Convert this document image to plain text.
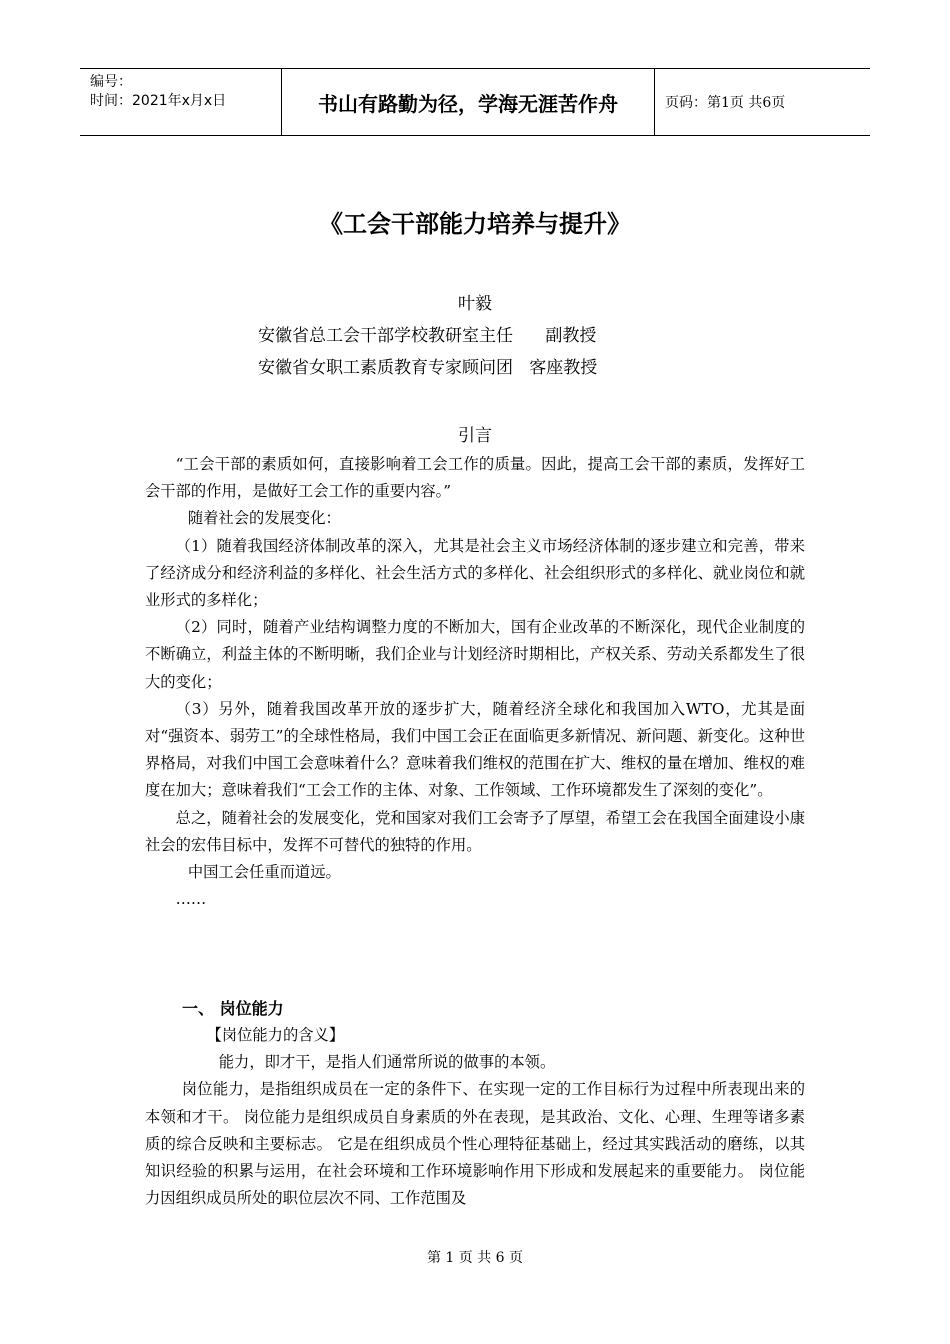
编号：
时间：2021年x月x日	书山有路勤为径，学海无涯苦作舟	页码：第1页 共6页
《工会干部能力培养与提升》
叶毅
安徽省总工会干部学校教研室主任      副教授
安徽省女职工素质教育专家顾问团   客座教授
引言

“工会干部的素质如何，直接影响着工会工作的质量。因此，提高工会干部的素质，发挥好工会干部的作用，是做好工会工作的重要内容。”

随着社会的发展变化：

（1）随着我国经济体制改革的深入，尤其是社会主义市场经济体制的逐步建立和完善，带来了经济成分和经济利益的多样化、社会生活方式的多样化、社会组织形式的多样化、就业岗位和就业形式的多样化；

（2）同时，随着产业结构调整力度的不断加大，国有企业改革的不断深化，现代企业制度的不断确立，利益主体的不断明晰，我们企业与计划经济时期相比，产权关系、劳动关系都发生了很大的变化；

（3）另外，随着我国改革开放的逐步扩大，随着经济全球化和我国加入WTO，尤其是面对“强资本、弱劳工”的全球性格局，我们中国工会正在面临更多新情况、新问题、新变化。这种世界格局，对我们中国工会意味着什么？意味着我们维权的范围在扩大、维权的量在增加、维权的难度在加大；意味着我们“工会工作的主体、对象、工作领域、工作环境都发生了深刻的变化”。

总之，随着社会的发展变化，党和国家对我们工会寄予了厚望，希望工会在我国全面建设小康社会的宏伟目标中，发挥不可替代的独特的作用。

中国工会任重而道远。

……

一、 岗位能力

【岗位能力的含义】

能力，即才干，是指人们通常所说的做事的本领。

岗位能力，是指组织成员在一定的条件下、在实现一定的工作目标行为过程中所表现出来的本领和才干。 岗位能力是组织成员自身素质的外在表现，是其政治、文化、心理、生理等诸多素质的综合反映和主要标志。 它是在组织成员个性心理特征基础上，经过其实践活动的磨练，以其知识经验的积累与运用，在社会环境和工作环境影响作用下形成和发展起来的重要能力。 岗位能力因组织成员所处的职位层次不同、工作范围及

第 1 页 共 6 页
